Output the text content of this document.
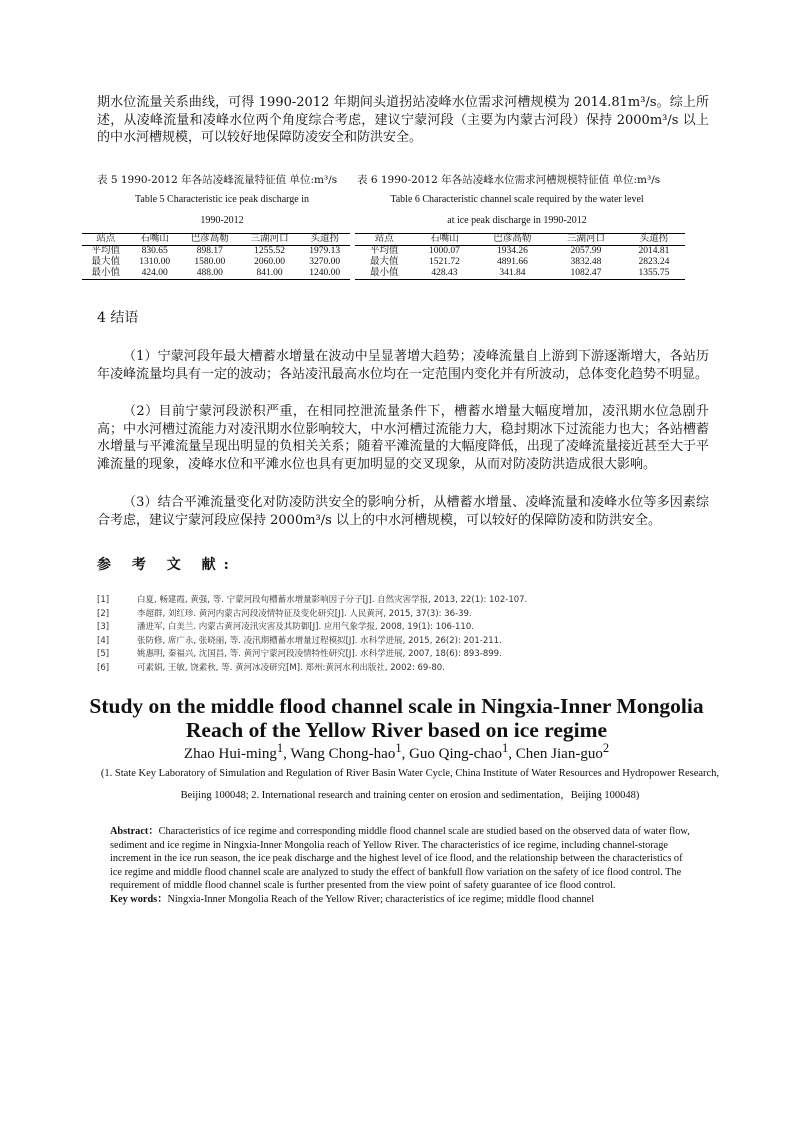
期水位流量关系曲线，可得 1990-2012 年期间头道拐站凌峰水位需求河槽规模为 2014.81m³/s。综上所述，从凌峰流量和凌峰水位两个角度综合考虑，建议宁蒙河段（主要为内蒙古河段）保持 2000m³/s 以上的中水河槽规模，可以较好地保障防凌安全和防洪安全。
表 5 1990-2012 年各站凌峰流量特征值 单位:m³/s
Table 5 Characteristic ice peak discharge in
1990-2012
站点	石嘴山	巴彦高勒	三湖河口	头道拐
平均值	830.65	898.17	1255.52	1979.13
最大值	1310.00	1580.00	2060.00	3270.00
最小值	424.00	488.00	841.00	1240.00
表 6 1990-2012 年各站凌峰水位需求河槽规模特征值 单位:m³/s
Table 6 Characteristic channel scale required by the water level
at ice peak discharge in 1990-2012
站点	石嘴山	巴彦高勒	三湖河口	头道拐
平均值	1000.07	1934.26	2057.99	2014.81
最大值	1521.72	4891.66	3832.48	2823.24
最小值	428.43	341.84	1082.47	1355.75
4 结语
（1）宁蒙河段年最大槽蓄水增量在波动中呈显著增大趋势；凌峰流量自上游到下游逐渐增大，各站历年凌峰流量均具有一定的波动；各站凌汛最高水位均在一定范围内变化并有所波动，总体变化趋势不明显。
（2）目前宁蒙河段淤积严重，在相同控泄流量条件下，槽蓄水增量大幅度增加，凌汛期水位急剧升高；中水河槽过流能力对凌汛期水位影响较大，中水河槽过流能力大，稳封期冰下过流能力也大；各站槽蓄水增量与平滩流量呈现出明显的负相关关系；随着平滩流量的大幅度降低，出现了凌峰流量接近甚至大于平滩流量的现象，凌峰水位和平滩水位也具有更加明显的交叉现象，从而对防凌防洪造成很大影响。
（3）结合平滩流量变化对防凌防洪安全的影响分析，从槽蓄水增量、凌峰流量和凌峰水位等多因素综合考虑，建议宁蒙河段应保持 2000m³/s 以上的中水河槽规模，可以较好的保障防凌和防洪安全。
参 考 文 献:
[1]	白夏, 畅建霞, 黄强, 等. 宁蒙河段旬槽蓄水增量影响因子分子[J]. 自然灾害学报, 2013, 22(1): 102-107.
[2]	李超群, 刘红珍. 黄河内蒙古河段凌情特征及变化研究[J]. 人民黄河, 2015, 37(3): 36-39.
[3]	潘进军, 白美兰. 内蒙古黄河凌汛灾害及其防御[J]. 应用气象学报, 2008, 19(1): 106-110.
[4]	张防修, 席广永, 张晓丽, 等. 凌汛期槽蓄水增量过程模拟[J]. 水科学进展, 2015, 26(2): 201-211.
[5]	姚惠明, 秦福兴, 沈国昌, 等. 黄河宁蒙河段凌情特性研究[J]. 水科学进展, 2007, 18(6): 893-899.
[6]	可素娟, 王敏, 饶素秋, 等. 黄河冰凌研究[M]. 郑州:黄河水利出版社, 2002: 69-80.
Study on the middle flood channel scale in Ningxia-Inner Mongolia
Reach of the Yellow River based on ice regime
Zhao Hui-ming$^1$, Wang Chong-hao$^1$, Guo Qing-chao$^1$, Chen Jian-guo$^2$
(1. State Key Laboratory of Simulation and Regulation of River Basin Water Cycle, China Institute of Water Resources and Hydropower Research, Beijing 100048; 2. International research and training center on erosion and sedimentation，Beijing 100048)
Abstract：Characteristics of ice regime and corresponding middle flood channel scale are studied based on the observed data of water flow, sediment and ice regime in Ningxia-Inner Mongolia reach of Yellow River. The characteristics of ice regime, including channel-storage increment in the ice run season, the ice peak discharge and the highest level of ice flood, and the relationship between the characteristics of ice regime and middle flood channel scale are analyzed to study the effect of bankfull flow variation on the safety of ice flood control. The requirement of middle flood channel scale is further presented from the view point of safety guarantee of ice flood control.
Key words：Ningxia-Inner Mongolia Reach of the Yellow River; characteristics of ice regime; middle flood channel
